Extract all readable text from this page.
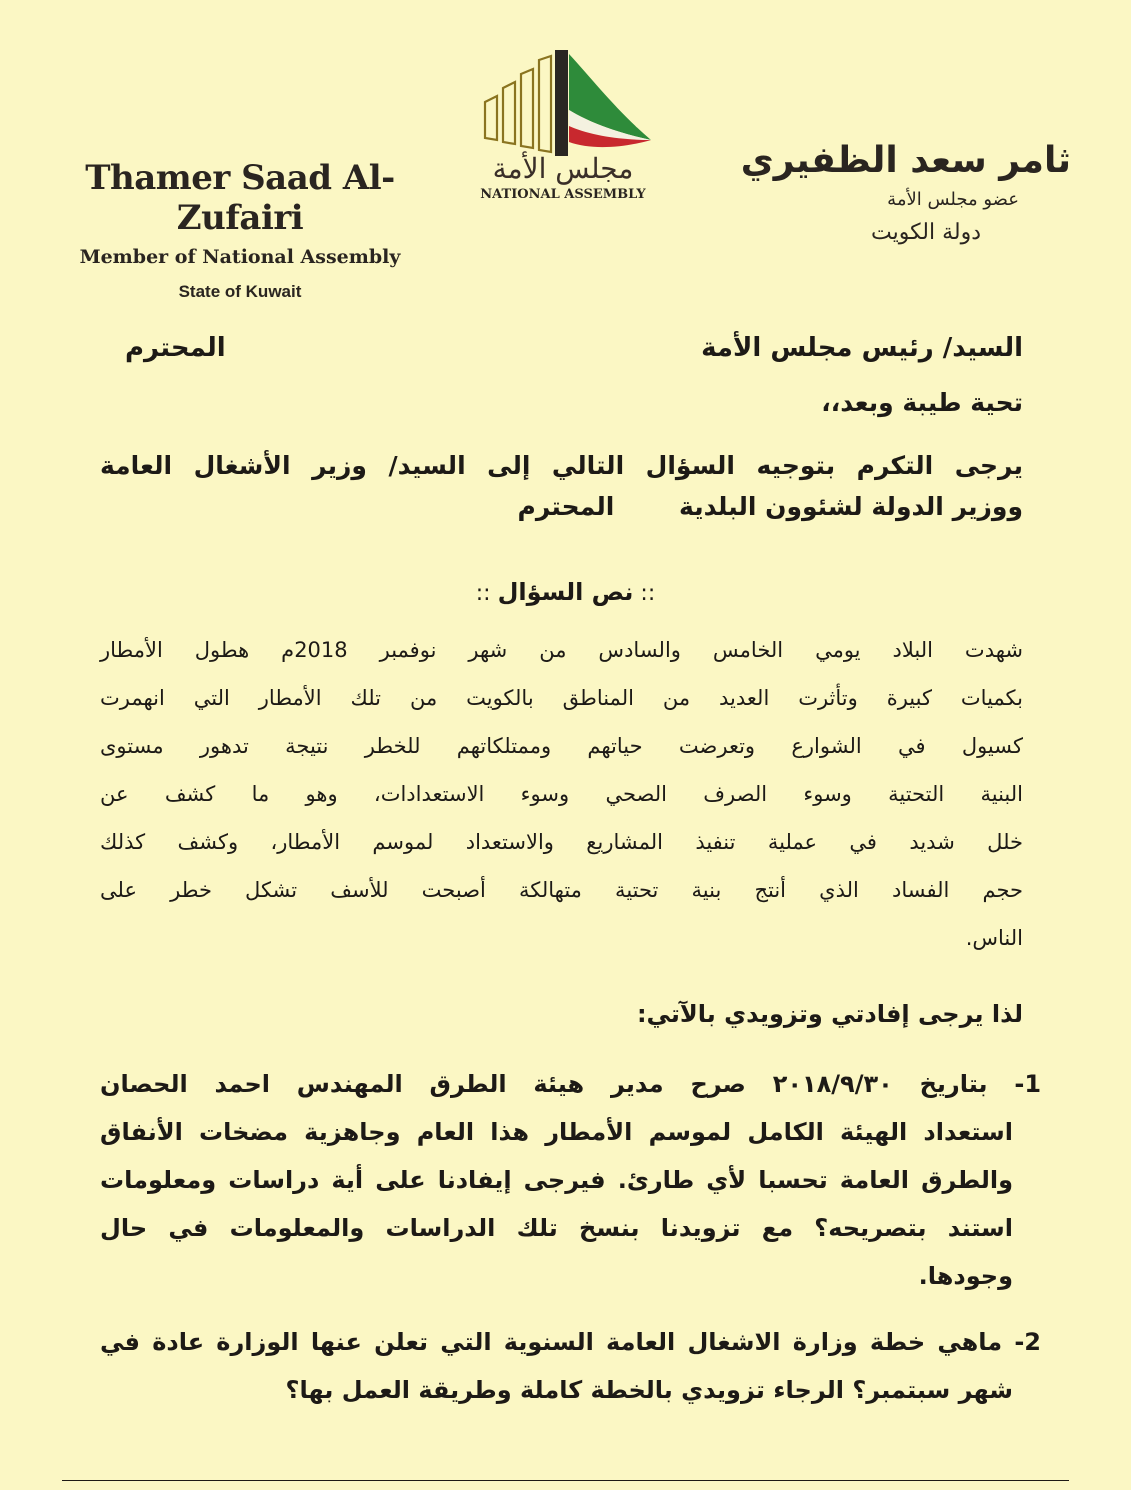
Thamer Saad Al-Zufairi
Member of National Assembly
State of Kuwait
مجلس الأمة
NATIONAL ASSEMBLY
ثامر سعد الظفيري
عضو مجلس الأمة
دولة الكويت
السيد/ رئيس مجلس الأمة
المحترم
تحية طيبة وبعد،،
يرجى التكرم بتوجيه السؤال التالي إلى السيد/ وزير الأشغال العامة
ووزير الدولة لشئوون البلدية المحترم
:: نص السؤال ::
شهدت البلاد يومي الخامس والسادس من شهر نوفمبر 2018م هطول الأمطار
بكميات كبيرة وتأثرت العديد من المناطق بالكويت من تلك الأمطار التي انهمرت
كسيول في الشوارع وتعرضت حياتهم وممتلكاتهم للخطر نتيجة تدهور مستوى
البنية التحتية وسوء الصرف الصحي وسوء الاستعدادات، وهو ما كشف عن
خلل شديد في عملية تنفيذ المشاريع والاستعداد لموسم الأمطار، وكشف كذلك
حجم الفساد الذي أنتج بنية تحتية متهالكة أصبحت للأسف تشكل خطر على
الناس.
لذا يرجى إفادتي وتزويدي بالآتي:
1- بتاريخ ٢٠١٨/٩/٣٠ صرح مدير هيئة الطرق المهندس احمد الحصان
استعداد الهيئة الكامل لموسم الأمطار هذا العام وجاهزية مضخات الأنفاق
والطرق العامة تحسبا لأي طارئ. فيرجى إيفادنا على أية دراسات ومعلومات
استند بتصريحه؟ مع تزويدنا بنسخ تلك الدراسات والمعلومات في حال
وجودها.
2- ماهي خطة وزارة الاشغال العامة السنوية التي تعلن عنها الوزارة عادة في
شهر سبتمبر؟ الرجاء تزويدي بالخطة كاملة وطريقة العمل بها؟
